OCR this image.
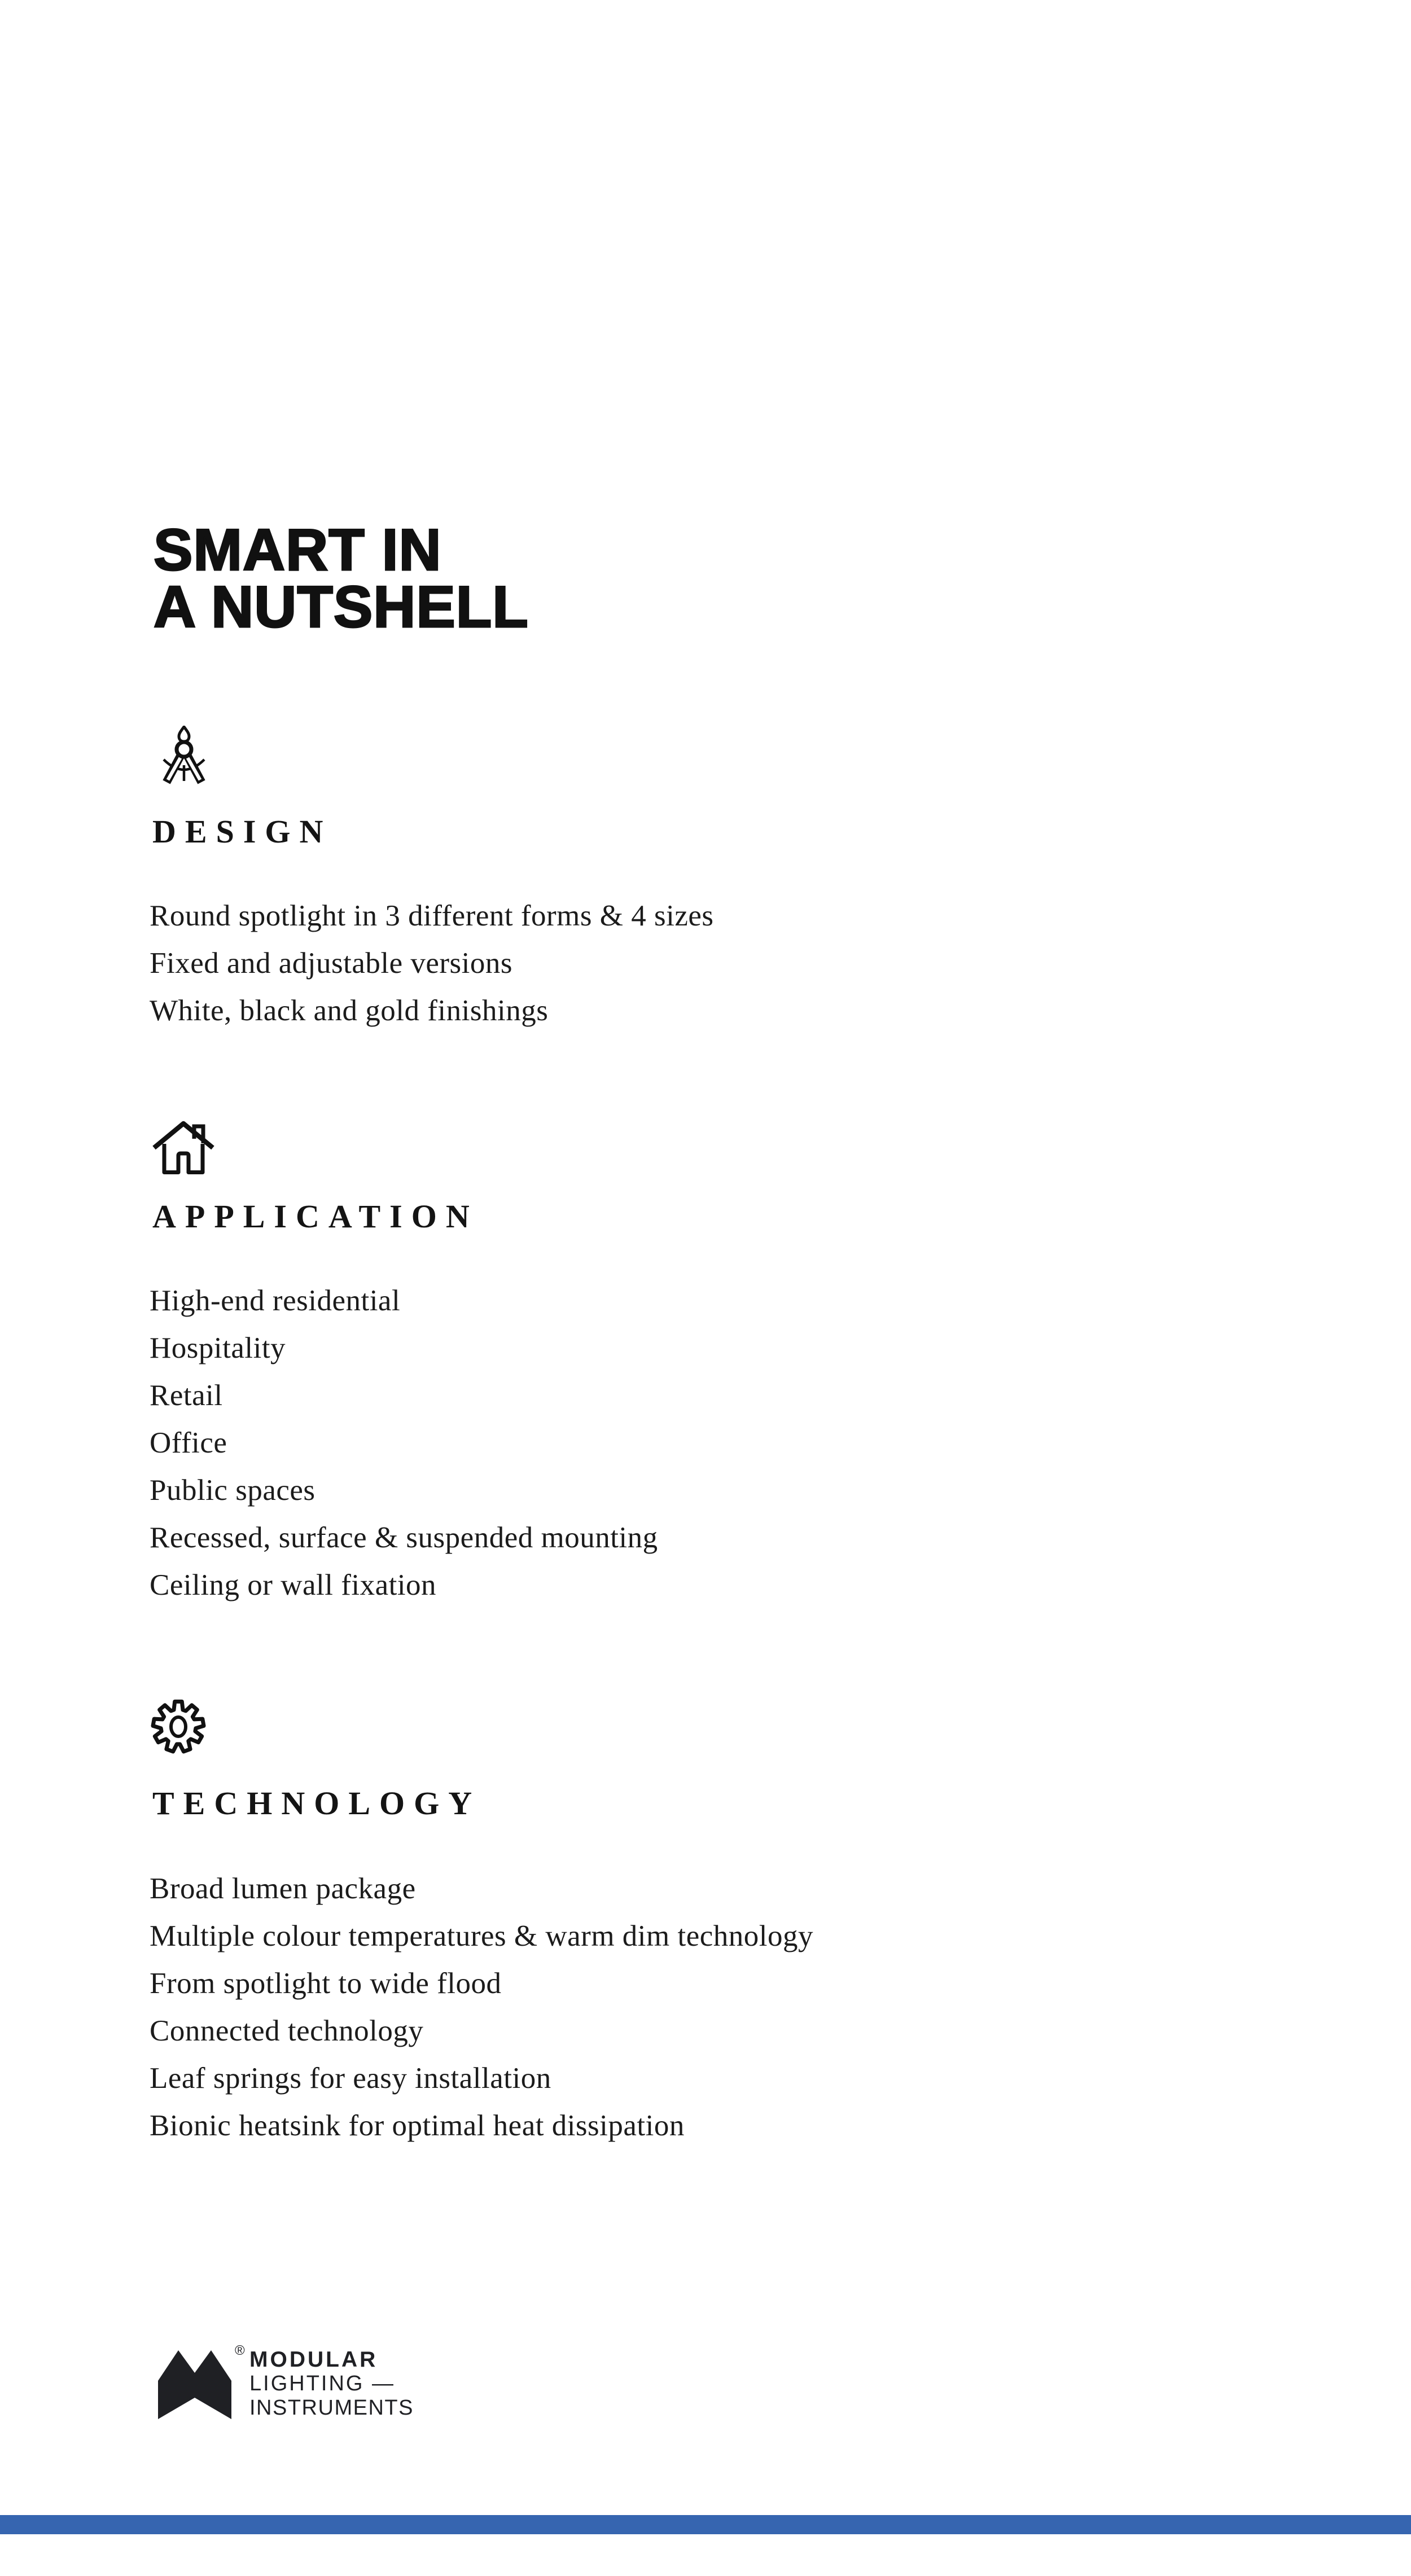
SMART IN
A NUTSHELL
DESIGN

Round spotlight in 3 different forms & 4 sizes

Fixed and adjustable versions

White, black and gold finishings

APPLICATION

High-end residential

Hospitality

Retail

Office

Public spaces

Recessed, surface & suspended mounting

Ceiling or wall fixation

TECHNOLOGY

Broad lumen package

Multiple colour temperatures & warm dim technology

From spotlight to wide flood

Connected technology

Leaf springs for easy installation

Bionic heatsink for optimal heat dissipation

® MODULAR
LIGHTING —
INSTRUMENTS
